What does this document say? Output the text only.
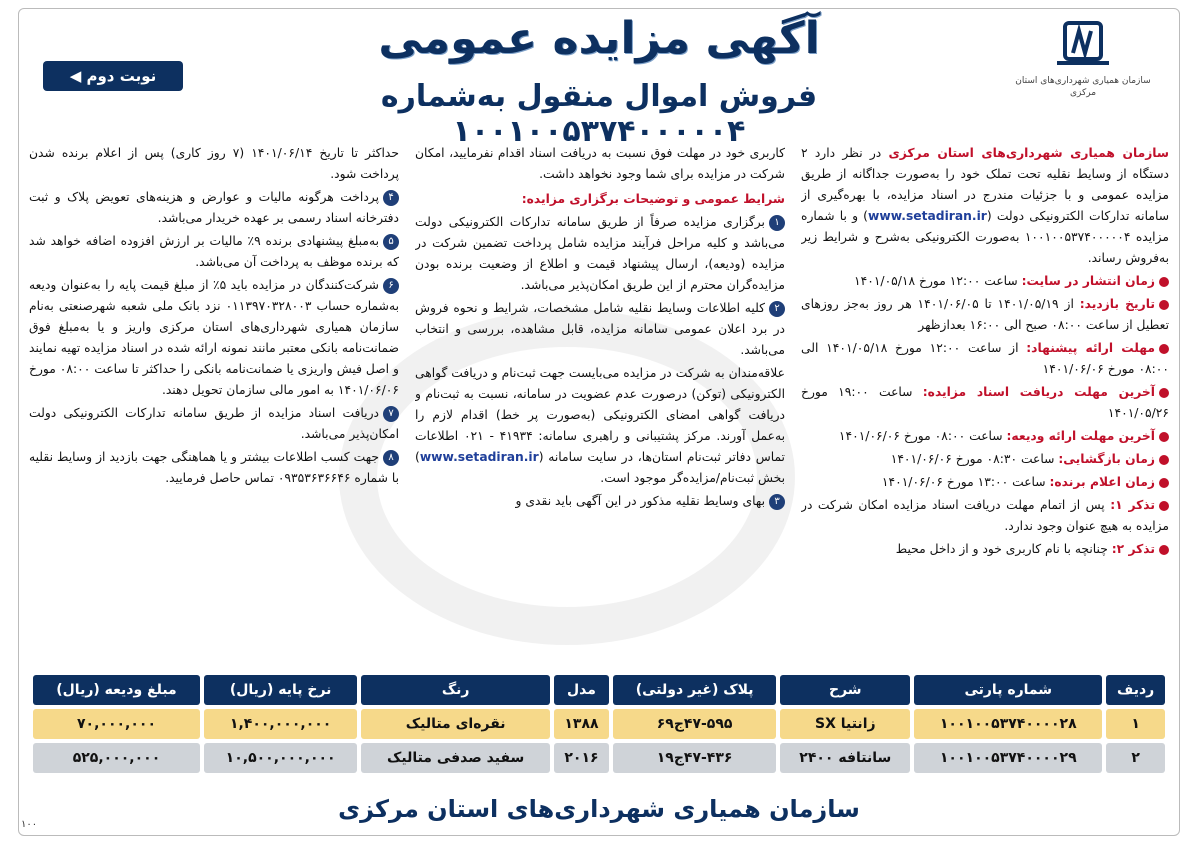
سازمان همیاری شهرداری‌های استان مرکزی
آگهی مزایده عمومی
فروش اموال منقول به‌شماره ۱۰۰۱۰۰۵۳۷۴۰۰۰۰۰۴
نوبت دوم ◀

سازمان همیاری شهرداری‌های استان مرکزی در نظر دارد ۲ دستگاه از وسایط نقلیه تحت تملک خود را به‌صورت جداگانه از طریق مزایده عمومی و با جزئیات مندرج در اسناد مزایده، با بهره‌گیری از سامانه تدارکات الکترونیکی دولت (www.setadiran.ir) و با شماره مزایده ۱۰۰۱۰۰۵۳۷۴۰۰۰۰۰۴ به‌صورت الکترونیکی به‌شرح و شرایط زیر به‌فروش رساند.

زمان انتشار در سایت: ساعت ۱۲:۰۰ مورخ ۱۴۰۱/۰۵/۱۸

تاریخ بازدید: از ۱۴۰۱/۰۵/۱۹ تا ۱۴۰۱/۰۶/۰۵ هر روز به‌جز روزهای تعطیل از ساعت ۰۸:۰۰ صبح الی ۱۶:۰۰ بعدازظهر

مهلت ارائه پیشنهاد: از ساعت ۱۲:۰۰ مورخ ۱۴۰۱/۰۵/۱۸ الی ۰۸:۰۰ مورخ ۱۴۰۱/۰۶/۰۶

آخرین مهلت دریافت اسناد مزایده: ساعت ۱۹:۰۰ مورخ ۱۴۰۱/۰۵/۲۶

آخرین مهلت ارائه ودیعه: ساعت ۰۸:۰۰ مورخ ۱۴۰۱/۰۶/۰۶

زمان بازگشایی: ساعت ۰۸:۳۰ مورخ ۱۴۰۱/۰۶/۰۶

زمان اعلام برنده: ساعت ۱۳:۰۰ مورخ ۱۴۰۱/۰۶/۰۶

تذکر ۱: پس از اتمام مهلت دریافت اسناد مزایده امکان شرکت در مزایده به هیچ عنوان وجود ندارد.

تذکر ۲: چنانچه با نام کاربری خود و از داخل محیط

کاربری خود در مهلت فوق نسبت به دریافت اسناد اقدام نفرمایید، امکان شرکت در مزایده برای شما وجود نخواهد داشت.

شرایط عمومی و توضیحات برگزاری مزایده:

۱برگزاری مزایده صرفاً از طریق سامانه تدارکات الکترونیکی دولت می‌باشد و کلیه مراحل فرآیند مزایده شامل پرداخت تضمین شرکت در مزایده (ودیعه)، ارسال پیشنهاد قیمت و اطلاع از وضعیت برنده بودن مزایده‌گران محترم از این طریق امکان‌پذیر می‌باشد.

۲کلیه اطلاعات وسایط نقلیه شامل مشخصات، شرایط و نحوه فروش در برد اعلان عمومی سامانه مزایده، قابل مشاهده، بررسی و انتخاب می‌باشد.

علاقه‌مندان به شرکت در مزایده می‌بایست جهت ثبت‌نام و دریافت گواهی الکترونیکی (توکن) درصورت عدم عضویت در سامانه، نسبت به ثبت‌نام و دریافت گواهی امضای الکترونیکی (به‌صورت پر خط) اقدام لازم را به‌عمل آورند. مرکز پشتیبانی و راهبری سامانه: ۴۱۹۳۴ - ۰۲۱ اطلاعات تماس دفاتر ثبت‌نام استان‌ها، در سایت سامانه (www.setadiran.ir) بخش ثبت‌نام/مزایده‌گر موجود است.

۳بهای وسایط نقلیه مذکور در این آگهی باید نقدی و

حداکثر تا تاریخ ۱۴۰۱/۰۶/۱۴ (۷ روز کاری) پس از اعلام برنده شدن پرداخت شود.

۴پرداخت هرگونه مالیات و عوارض و هزینه‌های تعویض پلاک و ثبت دفترخانه اسناد رسمی بر عهده خریدار می‌باشد.

۵به‌مبلغ پیشنهادی برنده ۹٪ مالیات بر ارزش افزوده اضافه خواهد شد که برنده موظف به پرداخت آن می‌باشد.

۶شرکت‌کنندگان در مزایده باید ۵٪ از مبلغ قیمت پایه را به‌عنوان ودیعه به‌شماره حساب ۰۱۱۳۹۷۰۳۲۸۰۰۳ نزد بانک ملی شعبه شهرصنعتی به‌نام سازمان همیاری شهرداری‌های استان مرکزی واریز و یا به‌مبلغ فوق ضمانت‌نامه بانکی معتبر مانند نمونه ارائه شده در اسناد مزایده تهیه نمایند و اصل فیش واریزی یا ضمانت‌نامه بانکی را حداکثر تا ساعت ۰۸:۰۰ مورخ ۱۴۰۱/۰۶/۰۶ به امور مالی سازمان تحویل دهند.

۷دریافت اسناد مزایده از طریق سامانه تدارکات الکترونیکی دولت امکان‌پذیر می‌باشد.

۸جهت کسب اطلاعات بیشتر و یا هماهنگی جهت بازدید از وسایط نقلیه با شماره ۰۹۳۵۳۶۳۶۶۴۶ تماس حاصل فرمایید.

ردیف	شماره پارتی	شرح	پلاک (غیر دولتی)	مدل	رنگ	نرخ پایه (ریال)	مبلغ ودیعه (ریال)
۱	۱۰۰۱۰۰۵۳۷۴۰۰۰۰۲۸	زانتیا SX	۴۷-۵۹۵ج۶۹	۱۳۸۸	نقره‌ای متالیک	۱,۴۰۰,۰۰۰,۰۰۰	۷۰,۰۰۰,۰۰۰
۲	۱۰۰۱۰۰۵۳۷۴۰۰۰۰۲۹	سانتافه ۲۴۰۰	۴۷-۴۳۶ج۱۹	۲۰۱۶	سفید صدفی متالیک	۱۰,۵۰۰,۰۰۰,۰۰۰	۵۲۵,۰۰۰,۰۰۰
سازمان همیاری شهرداری‌های استان مرکزی
۱۰۰
